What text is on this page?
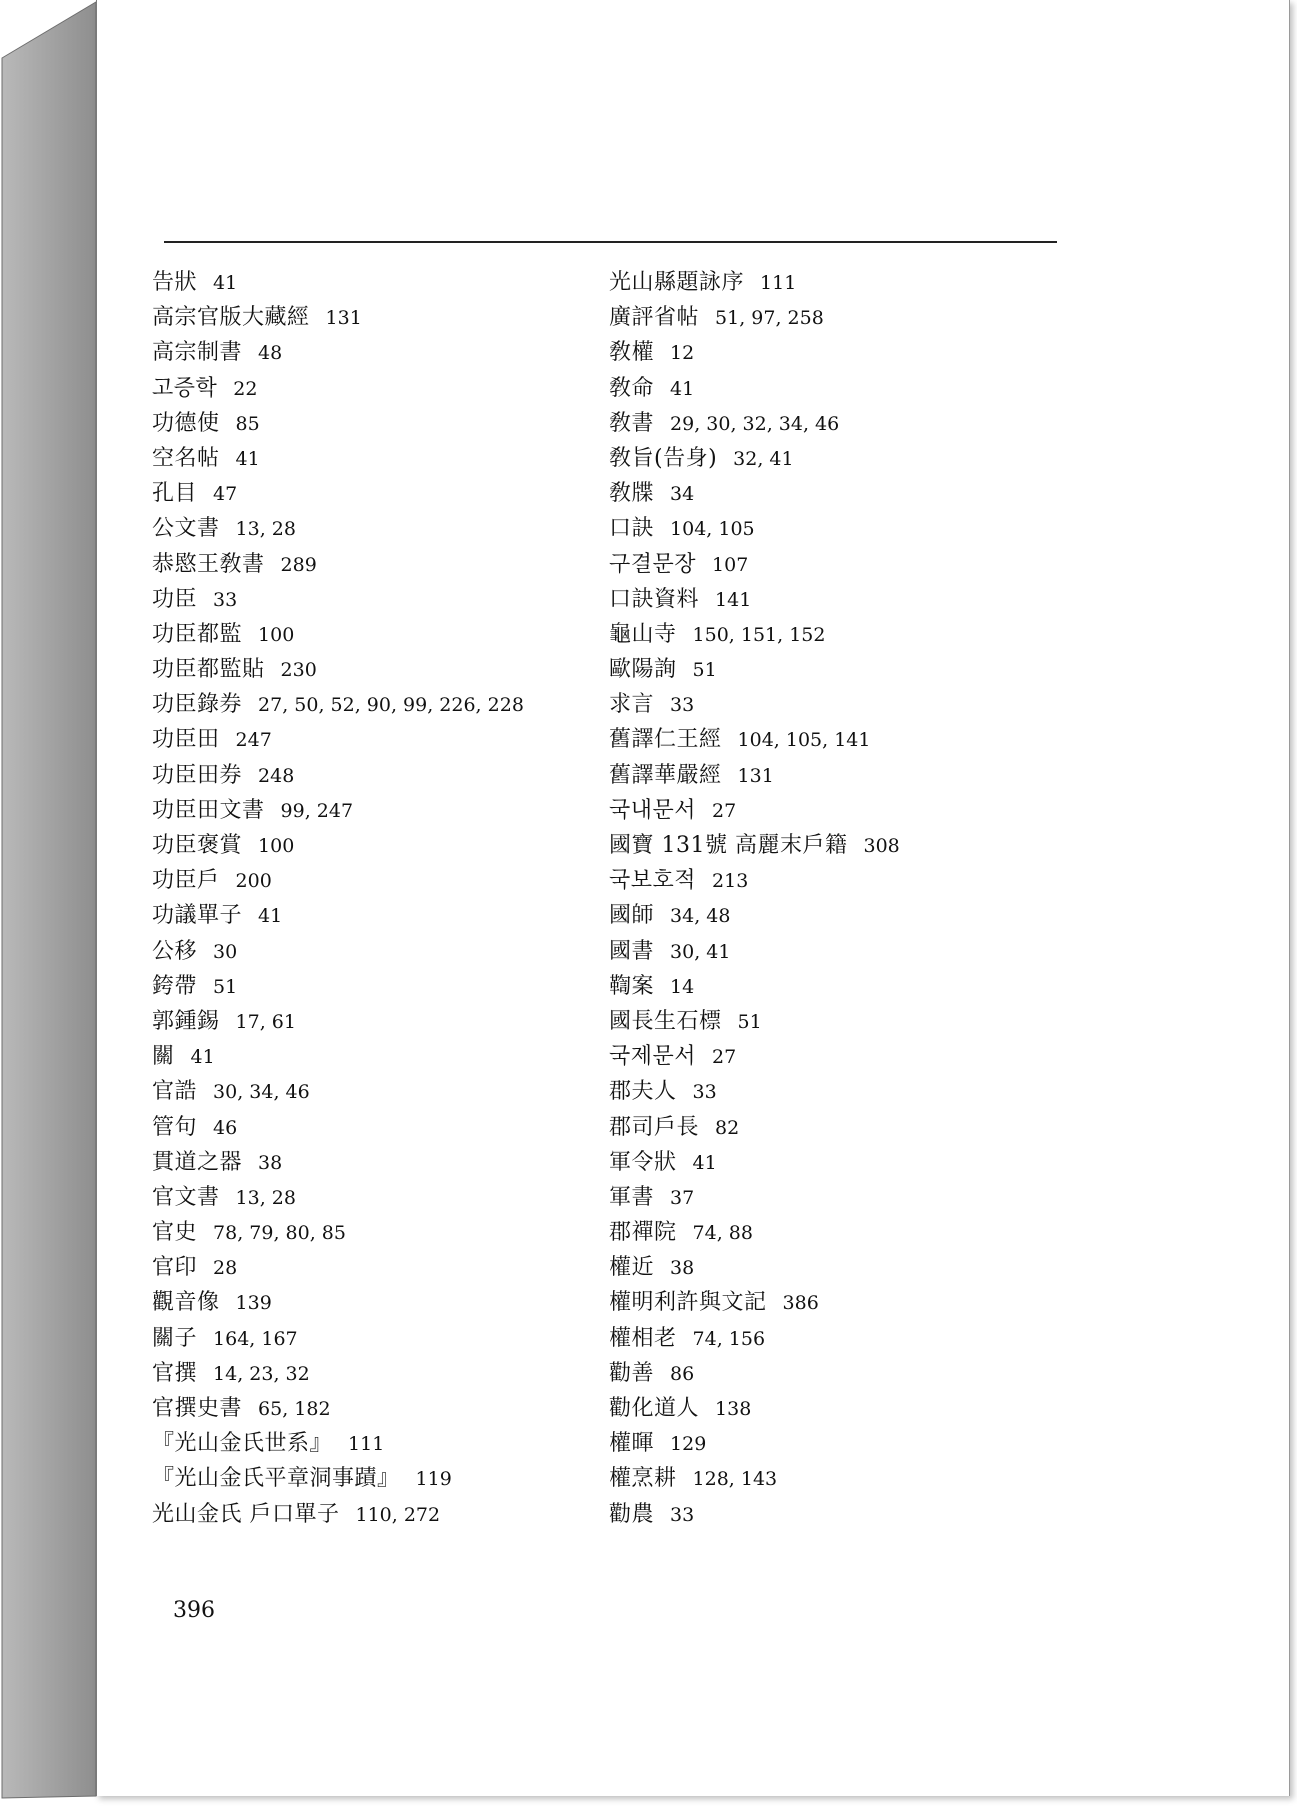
告狀 41
高宗官版大藏經 131
高宗制書 48
고증학 22
功德使 85
空名帖 41
孔目 47
公文書 13, 28
恭愍王敎書 289
功臣 33
功臣都監 100
功臣都監貼 230
功臣錄券 27, 50, 52, 90, 99, 226, 228
功臣田 247
功臣田券 248
功臣田文書 99, 247
功臣褒賞 100
功臣戶 200
功議單子 41
公移 30
銙帶 51
郭鍾錫 17, 61
關 41
官誥 30, 34, 46
管句 46
貫道之器 38
官文書 13, 28
官史 78, 79, 80, 85
官印 28
觀音像 139
關子 164, 167
官撰 14, 23, 32
官撰史書 65, 182
『光山金氏世系』 111
『光山金氏平章洞事蹟』 119
光山金氏 戶口單子 110, 272
光山縣題詠序 111
廣評省帖 51, 97, 258
敎權 12
敎命 41
敎書 29, 30, 32, 34, 46
敎旨(告身) 32, 41
敎牒 34
口訣 104, 105
구결문장 107
口訣資料 141
龜山寺 150, 151, 152
歐陽詢 51
求言 33
舊譯仁王經 104, 105, 141
舊譯華嚴經 131
국내문서 27
國寶 131號 高麗末戶籍 308
국보호적 213
國師 34, 48
國書 30, 41
鞫案 14
國長生石標 51
국제문서 27
郡夫人 33
郡司戶長 82
軍令狀 41
軍書 37
郡禪院 74, 88
權近 38
權明利許與文記 386
權相老 74, 156
勸善 86
勸化道人 138
權暉 129
權烹耕 128, 143
勸農 33
396
